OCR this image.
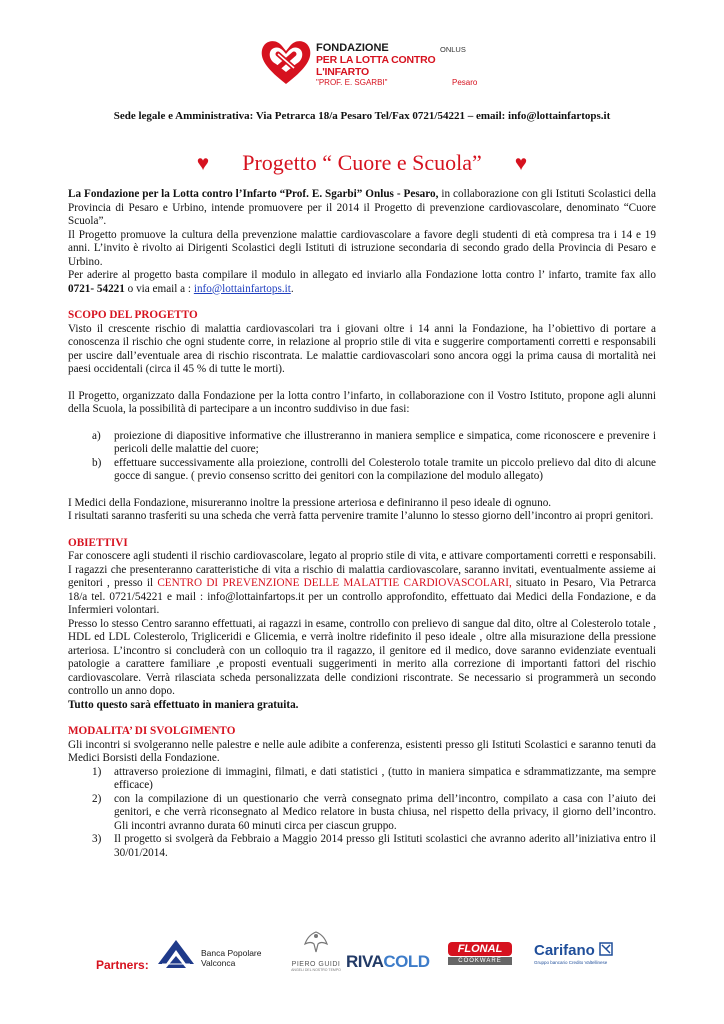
FONDAZIONE	ONLUS
PER LA LOTTA CONTRO L'INFARTO
"PROF. E. SGARBI"	Pesaro
Sede legale e Amministrativa: Via Petrarca 18/a Pesaro Tel/Fax 0721/54221 – email: info@lottainfartops.it
♥ Progetto “ Cuore e Scuola” ♥

La Fondazione per la Lotta contro l’Infarto “Prof. E. Sgarbi” Onlus - Pesaro, in collaborazione con gli Istituti Scolastici della Provincia di Pesaro e Urbino, intende promuovere per il 2014 il Progetto di prevenzione cardiovascolare, denominato “Cuore Scuola”.

Il Progetto promuove la cultura della prevenzione malattie cardiovascolare a favore degli studenti di età compresa tra i 14 e 19 anni. L’invito è rivolto ai Dirigenti Scolastici degli Istituti di istruzione secondaria di secondo grado della Provincia di Pesaro e Urbino.

Per aderire al progetto basta compilare il modulo in allegato ed inviarlo alla Fondazione lotta contro l’ infarto, tramite fax allo 0721- 54221 o via email a : info@lottainfartops.it.

SCOPO DEL PROGETTO

Visto il crescente rischio di malattia cardiovascolari tra i giovani oltre i 14 anni la Fondazione, ha l’obiettivo di portare a conoscenza il rischio che ogni studente corre, in relazione al proprio stile di vita e suggerire comportamenti corretti e responsabili per uscire dall’eventuale area di rischio riscontrata. Le malattie cardiovascolari sono ancora oggi la prima causa di mortalità nei paesi occidentali (circa il 45 % di tutte le morti).

Il Progetto, organizzato dalla Fondazione per la lotta contro l’infarto, in collaborazione con il Vostro Istituto, propone agli alunni della Scuola, la possibilità di partecipare a un incontro suddiviso in due fasi:

a) proiezione di diapositive informative che illustreranno in maniera semplice e simpatica, come riconoscere e prevenire i pericoli delle malattie del cuore;
b) effettuare successivamente alla proiezione, controlli del Colesterolo totale tramite un piccolo prelievo dal dito di alcune gocce di sangue. ( previo consenso scritto dei genitori con la compilazione del modulo allegato)

I Medici della Fondazione, misureranno inoltre la pressione arteriosa e definiranno il peso ideale di ognuno.

I risultati saranno trasferiti su una scheda che verrà fatta pervenire tramite l’alunno lo stesso giorno dell’incontro ai propri genitori.

OBIETTIVI

Far conoscere agli studenti il rischio cardiovascolare, legato al proprio stile di vita, e attivare comportamenti corretti e responsabili. I ragazzi che presenteranno caratteristiche di vita a rischio di malattia cardiovascolare, saranno invitati, eventualmente assieme ai genitori , presso il CENTRO DI PREVENZIONE DELLE MALATTIE CARDIOVASCOLARI, situato in Pesaro, Via Petrarca 18/a tel. 0721/54221 e mail : info@lottainfartops.it per un controllo approfondito, effettuato dai Medici della Fondazione, e da Infermieri volontari.

Presso lo stesso Centro saranno effettuati, ai ragazzi in esame, controllo con prelievo di sangue dal dito, oltre al Colesterolo totale , HDL ed LDL Colesterolo, Trigliceridi e Glicemia, e verrà inoltre ridefinito il peso ideale , oltre alla misurazione della pressione arteriosa. L’incontro si concluderà con un colloquio tra il ragazzo, il genitore ed il medico, dove saranno evidenziate eventuali patologie a carattere familiare ,e proposti eventuali suggerimenti in merito alla correzione di importanti fattori del rischio cardiovascolare. Verrà rilasciata scheda personalizzata delle condizioni riscontrate. Se necessario si programmerà un secondo controllo un anno dopo.

Tutto questo sarà effettuato in maniera gratuita.

MODALITA’ DI SVOLGIMENTO

Gli incontri si svolgeranno nelle palestre e nelle aule adibite a conferenza, esistenti presso gli Istituti Scolastici e saranno tenuti da Medici Borsisti della Fondazione.

1) attraverso proiezione di immagini, filmati, e dati statistici , (tutto in maniera simpatica e sdrammatizzante, ma sempre efficace)
2) con la compilazione di un questionario che verrà consegnato prima dell’incontro, compilato a casa con l’aiuto dei genitori, e che verrà riconsegnato al Medico relatore in busta chiusa, nel rispetto della privacy, il giorno dell’incontro. Gli incontri avranno durata 60 minuti circa per ciascun gruppo.
3) Il progetto si svolgerà da Febbraio a Maggio 2014 presso gli Istituti scolastici che avranno aderito all’iniziativa entro il 30/01/2014.
Partners:
Banca Popolare
Valconca	PIERO GUIDI
ANGELI DEL NOSTRO TEMPO RIVACOLD
FLONAL
COOKWARE
Carifano
Gruppo bancario Credito Valtellinese
